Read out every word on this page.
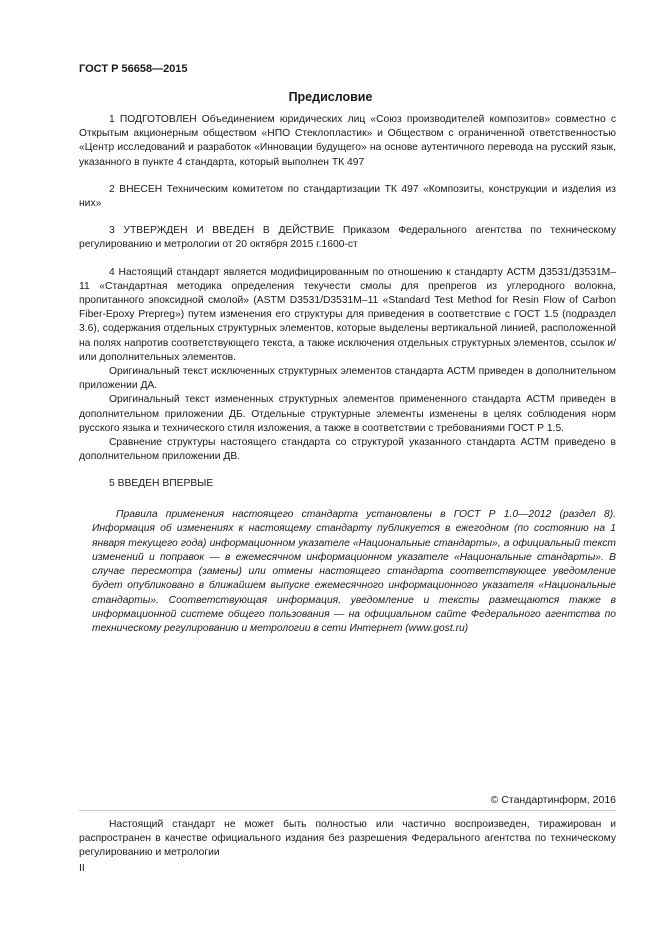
ГОСТ Р 56658—2015
Предисловие

1 ПОДГОТОВЛЕН Объединением юридических лиц «Союз производителей композитов» совместно с Открытым акционерным обществом «НПО Стеклопластик» и Обществом с ограниченной ответственностью «Центр исследований и разработок «Инновации будущего» на основе аутентичного перевода на русский язык, указанного в пункте 4 стандарта, который выполнен ТК 497

2 ВНЕСЕН Техническим комитетом по стандартизации ТК 497 «Композиты, конструкции и изделия из них»

3 УТВЕРЖДЕН И ВВЕДЕН В ДЕЙСТВИЕ Приказом Федерального агентства по техническому регулированию и метрологии от 20 октября 2015 г.1600-ст

4 Настоящий стандарт является модифицированным по отношению к стандарту АСТМ Д3531/Д3531М–11 «Стандартная методика определения текучести смолы для препрегов из углеродного волокна, пропитанного эпоксидной смолой» (ASTM D3531/D3531M–11 «Standard Test Method for Resin Flow of Carbon Fiber-Epoxy Prepreg») путем изменения его структуры для приведения в соответствие с ГОСТ 1.5 (подраздел 3.6), содержания отдельных структурных элементов, которые выделены вертикальной линией, расположенной на полях напротив соответствующего текста, а также исключения отдельных структурных элементов, ссылок и/или дополнительных элементов.

Оригинальный текст исключенных структурных элементов стандарта АСТМ приведен в дополнительном приложении ДА.

Оригинальный текст измененных структурных элементов примененного стандарта АСТМ приведен в дополнительном приложении ДБ. Отдельные структурные элементы изменены в целях соблюдения норм русского языка и технического стиля изложения, а также в соответствии с требованиями ГОСТ Р 1.5.

Сравнение структуры настоящего стандарта со структурой указанного стандарта АСТМ приведено в дополнительном приложении ДВ.

5 ВВЕДЕН ВПЕРВЫЕ

Правила применения настоящего стандарта установлены в ГОСТ Р 1.0—2012 (раздел 8). Информация об изменениях к настоящему стандарту публикуется в ежегодном (по состоянию на 1 января текущего года) информационном указателе «Национальные стандарты», а официальный текст изменений и поправок — в ежемесячном информационном указателе «Национальные стандарты». В случае пересмотра (замены) или отмены настоящего стандарта соответствующее уведомление будет опубликовано в ближайшем выпуске ежемесячного информационного указателя «Национальные стандарты». Соответствующая информация, уведомление и тексты размещаются также в информационной системе общего пользования — на официальном сайте Федерального агентства по техническому регулированию и метрологии в сети Интернет (www.gost.ru)
© Стандартинформ, 2016
Настоящий стандарт не может быть полностью или частично воспроизведен, тиражирован и распространен в качестве официального издания без разрешения Федерального агентства по техническому регулированию и метрологии
II
